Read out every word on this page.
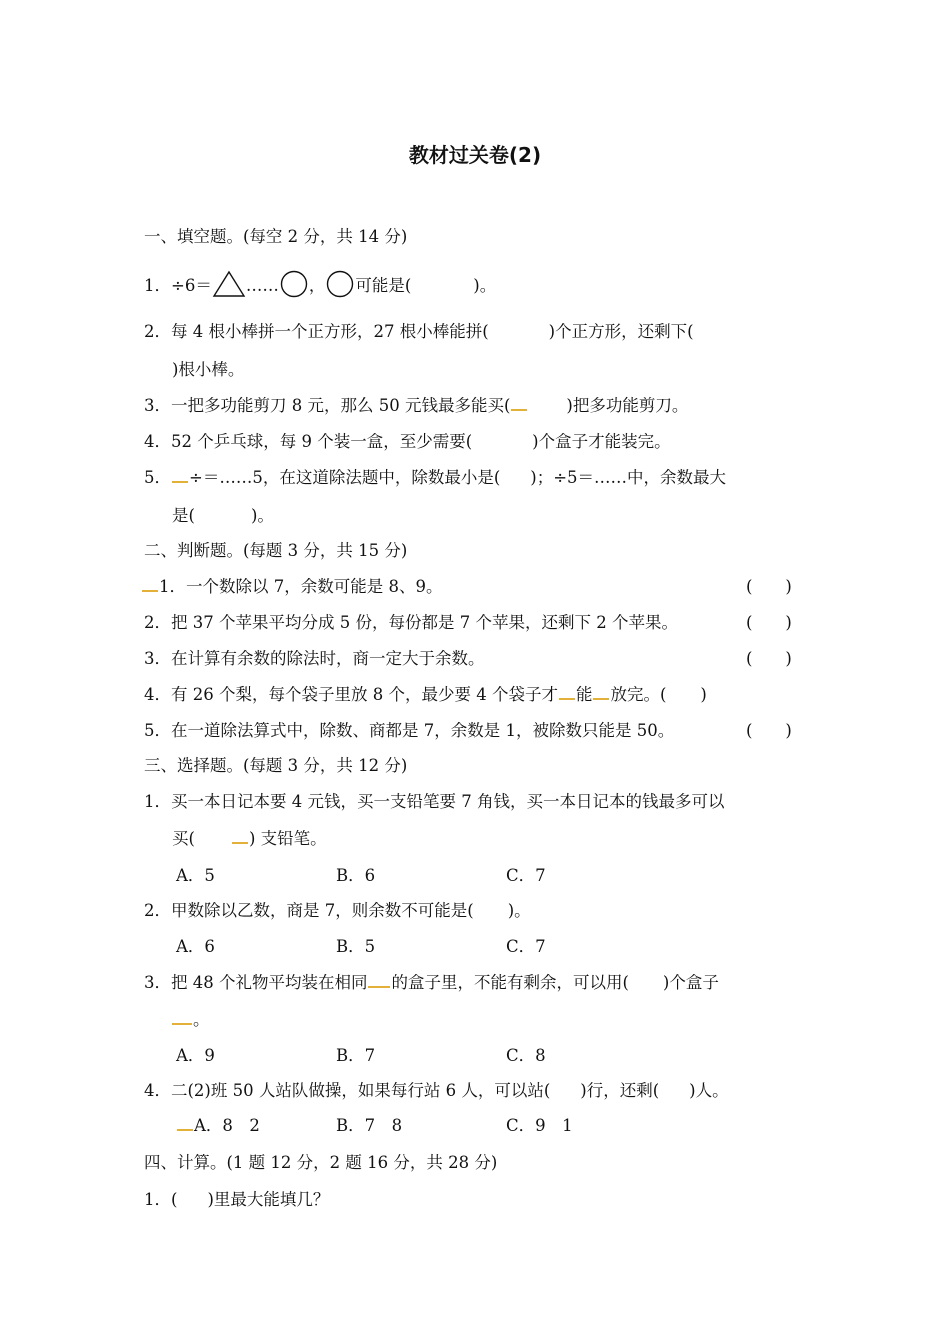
教材过关卷(2)
一、填空题。(每空 2 分，共 14 分)
1．÷6＝ …… ， 可能是(	)。
2．每 4 根小棒拼一个正方形，27 根小棒能拼(	)个正方形，还剩下(
)根小棒。
3．一把多功能剪刀 8 元，那么 50 元钱最多能买(	)把多功能剪刀。
4．52 个乒乓球，每 9 个装一盒，至少需要(	)个盒子才能装完。
5． ÷＝……5，在这道除法题中，除数最小是( )；÷5＝……中，余数最大
是(	)。
二、判断题。(每题 3 分，共 15 分)
1．一个数除以 7，余数可能是 8、9。	(　　)
2．把 37 个苹果平均分成 5 份，每份都是 7 个苹果，还剩下 2 个苹果。	(　　)
3．在计算有余数的除法时，商一定大于余数。	(　　)
4．有 26 个梨，每个袋子里放 8 个，最少要 4 个袋子才 能 放完。( )
5．在一道除法算式中，除数、商都是 7，余数是 1，被除数只能是 50。	(　　)
三、选择题。(每题 3 分，共 12 分)
1．买一本日记本要 4 元钱，买一支铅笔要 7 角钱，买一本日记本的钱最多可以
买(	) 支铅笔。
A．5	B．6	C．7
2．甲数除以乙数，商是 7，则余数不可能是( )。
A．6	B．5	C．7
3．把 48 个礼物平均装在相同 的盒子里，不能有剩余，可以用( )个盒子
。
A．9	B．7	C．8
4．二(2)班 50 人站队做操，如果每行站 6 人，可以站( )行，还剩( )人。
A．8　2	B．7　8	C．9　1
四、计算。(1 题 12 分，2 题 16 分，共 28 分)
1．( )里最大能填几？
